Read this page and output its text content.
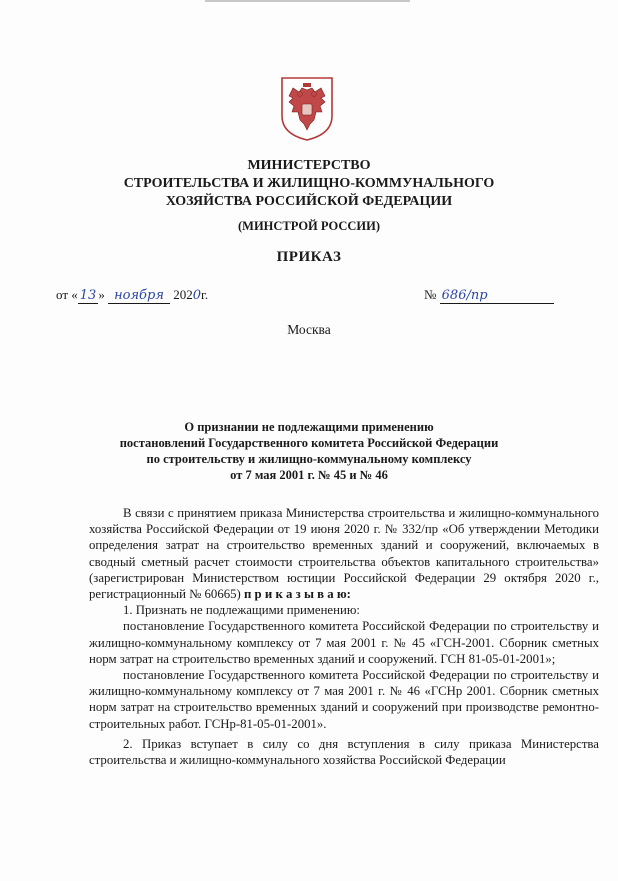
МИНИСТЕРСТВО
СТРОИТЕЛЬСТВА И ЖИЛИЩНО-КОММУНАЛЬНОГО
ХОЗЯЙСТВА РОССИЙСКОЙ ФЕДЕРАЦИИ
(МИНСТРОЙ РОССИИ)
ПРИКАЗ
от « 13 » ноября 2020г.	№ 686/пр
Москва
О признании не подлежащими применению
постановлений Государственного комитета Российской Федерации
по строительству и жилищно-коммунальному комплексу
от 7 мая 2001 г. № 45 и № 46

В связи с принятием приказа Министерства строительства и жилищно-коммунального хозяйства Российской Федерации от 19 июня 2020 г. № 332/пр «Об утверждении Методики определения затрат на строительство временных зданий и сооружений, включаемых в сводный сметный расчет стоимости строительства объектов капитального строительства» (зарегистрирован Министерством юстиции Российской Федерации 29 октября 2020 г., регистрационный № 60665) п р и к а з ы в а ю:

1. Признать не подлежащими применению:

постановление Государственного комитета Российской Федерации по строительству и жилищно-коммунальному комплексу от 7 мая 2001 г. № 45 «ГСН-2001. Сборник сметных норм затрат на строительство временных зданий и сооружений. ГСН 81-05-01-2001»;

постановление Государственного комитета Российской Федерации по строительству и жилищно-коммунальному комплексу от 7 мая 2001 г. № 46 «ГСНр 2001. Сборник сметных норм затрат на строительство временных зданий и сооружений при производстве ремонтно-строительных работ. ГСНр-81-05-01-2001».

2. Приказ вступает в силу со дня вступления в силу приказа Министерства строительства и жилищно-коммунального хозяйства Российской Федерации
